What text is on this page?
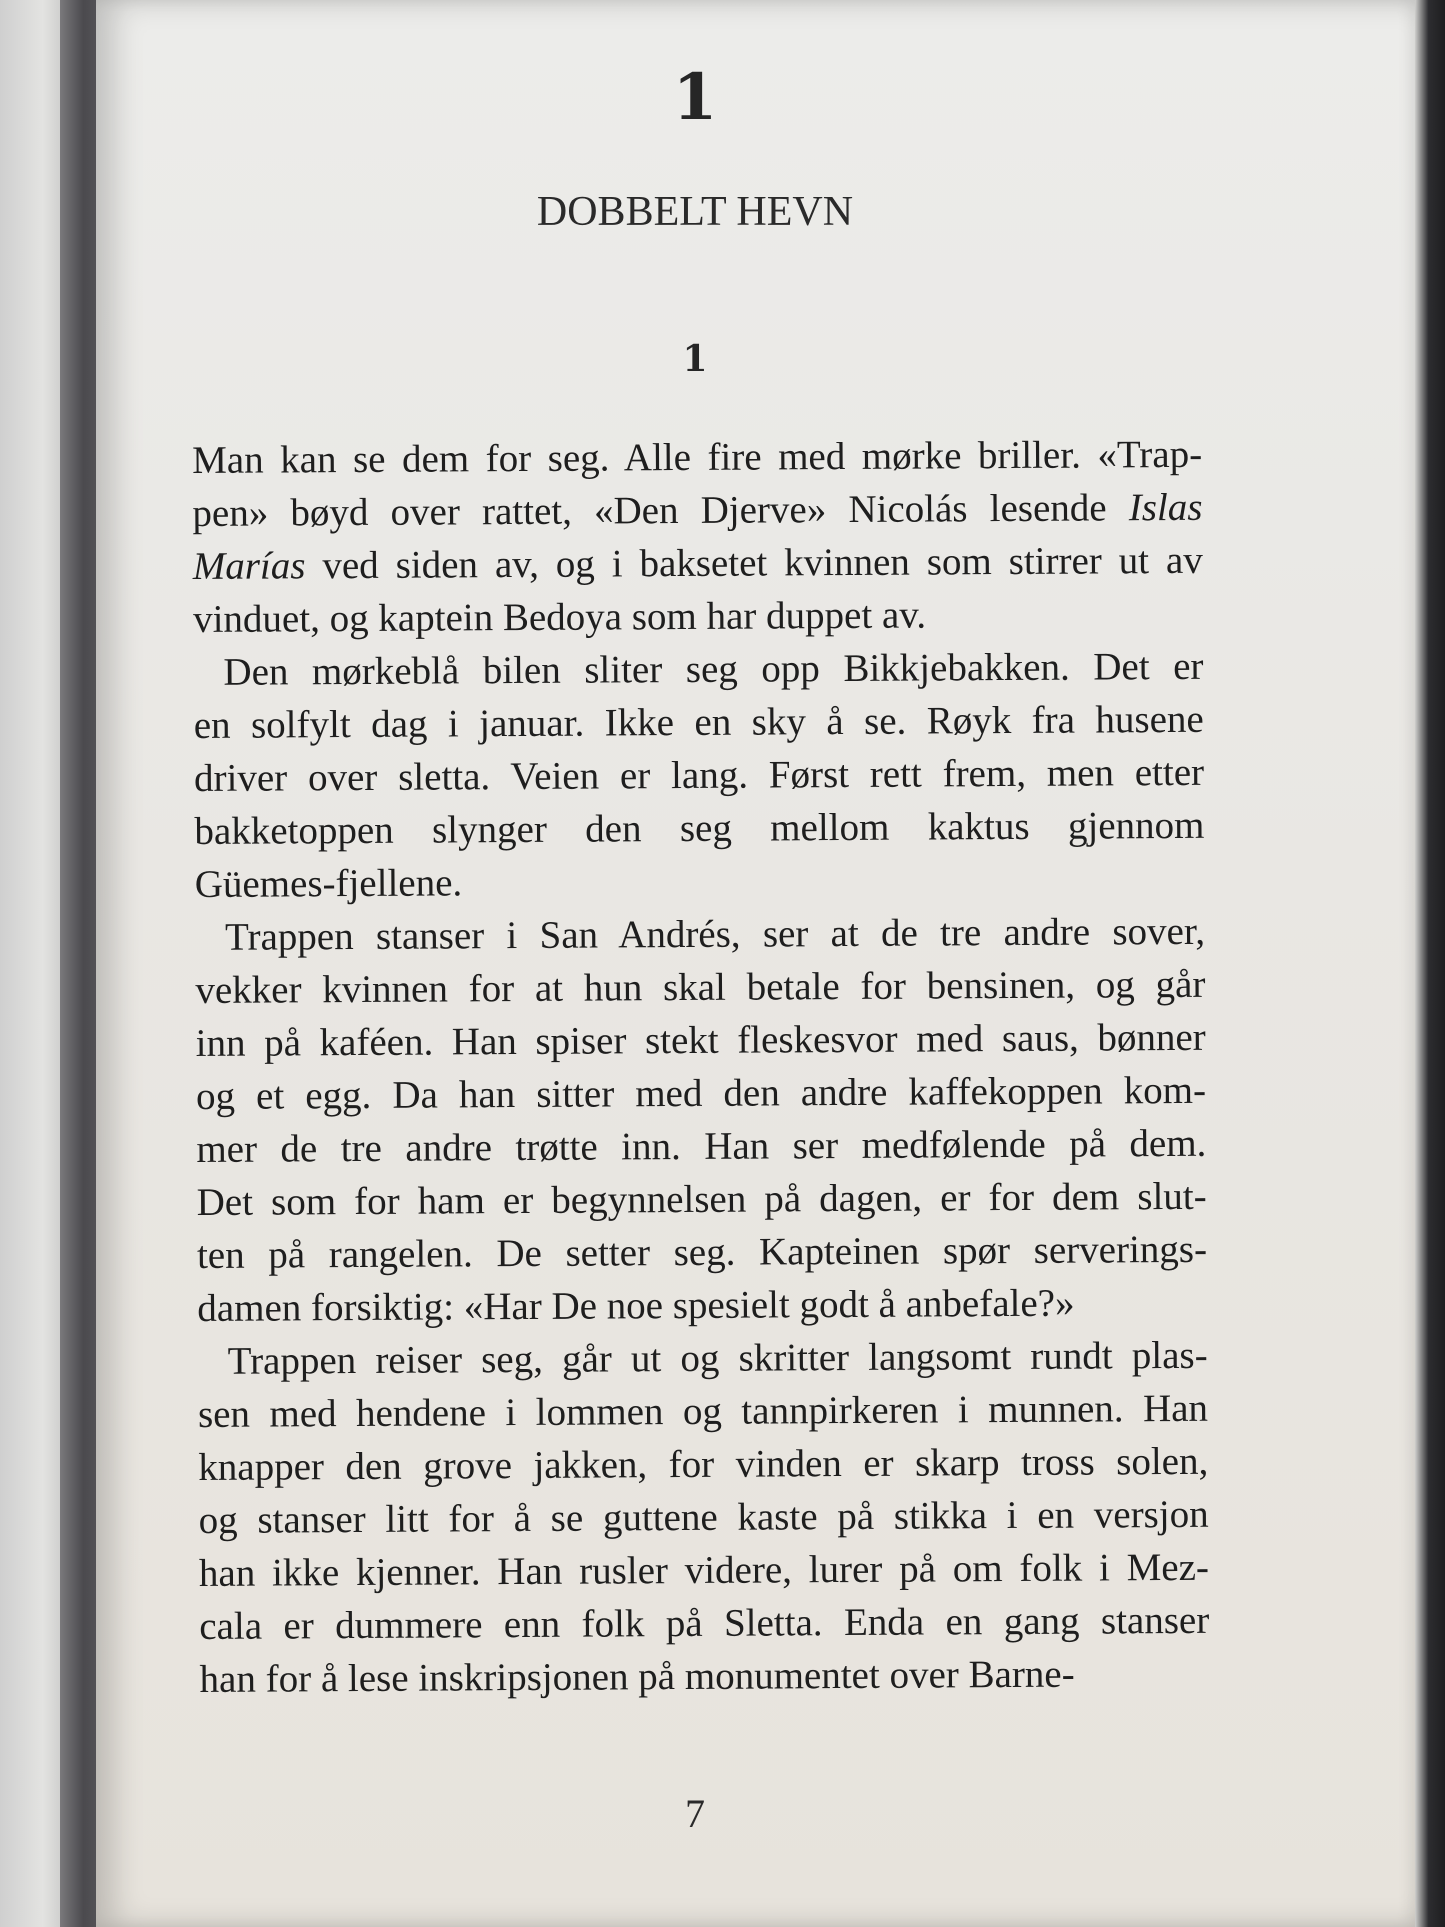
1
DOBBELT HEVN
1
Man kan se dem for seg. Alle fire med mørke briller. «Trap-
pen» bøyd over rattet, «Den Djerve» Nicolás lesende Islas
Marías ved siden av, og i baksetet kvinnen som stirrer ut av
vinduet, og kaptein Bedoya som har duppet av.
Den mørkeblå bilen sliter seg opp Bikkjebakken. Det er
en solfylt dag i januar. Ikke en sky å se. Røyk fra husene
driver over sletta. Veien er lang. Først rett frem, men etter
bakketoppen slynger den seg mellom kaktus gjennom
Güemes-fjellene.
Trappen stanser i San Andrés, ser at de tre andre sover,
vekker kvinnen for at hun skal betale for bensinen, og går
inn på kaféen. Han spiser stekt fleskesvor med saus, bønner
og et egg. Da han sitter med den andre kaffekoppen kom-
mer de tre andre trøtte inn. Han ser medfølende på dem.
Det som for ham er begynnelsen på dagen, er for dem slut-
ten på rangelen. De setter seg. Kapteinen spør serverings-
damen forsiktig: «Har De noe spesielt godt å anbefale?»
Trappen reiser seg, går ut og skritter langsomt rundt plas-
sen med hendene i lommen og tannpirkeren i munnen. Han
knapper den grove jakken, for vinden er skarp tross solen,
og stanser litt for å se guttene kaste på stikka i en versjon
han ikke kjenner. Han rusler videre, lurer på om folk i Mez-
cala er dummere enn folk på Sletta. Enda en gang stanser
han for å lese inskripsjonen på monumentet over Barne-
7
